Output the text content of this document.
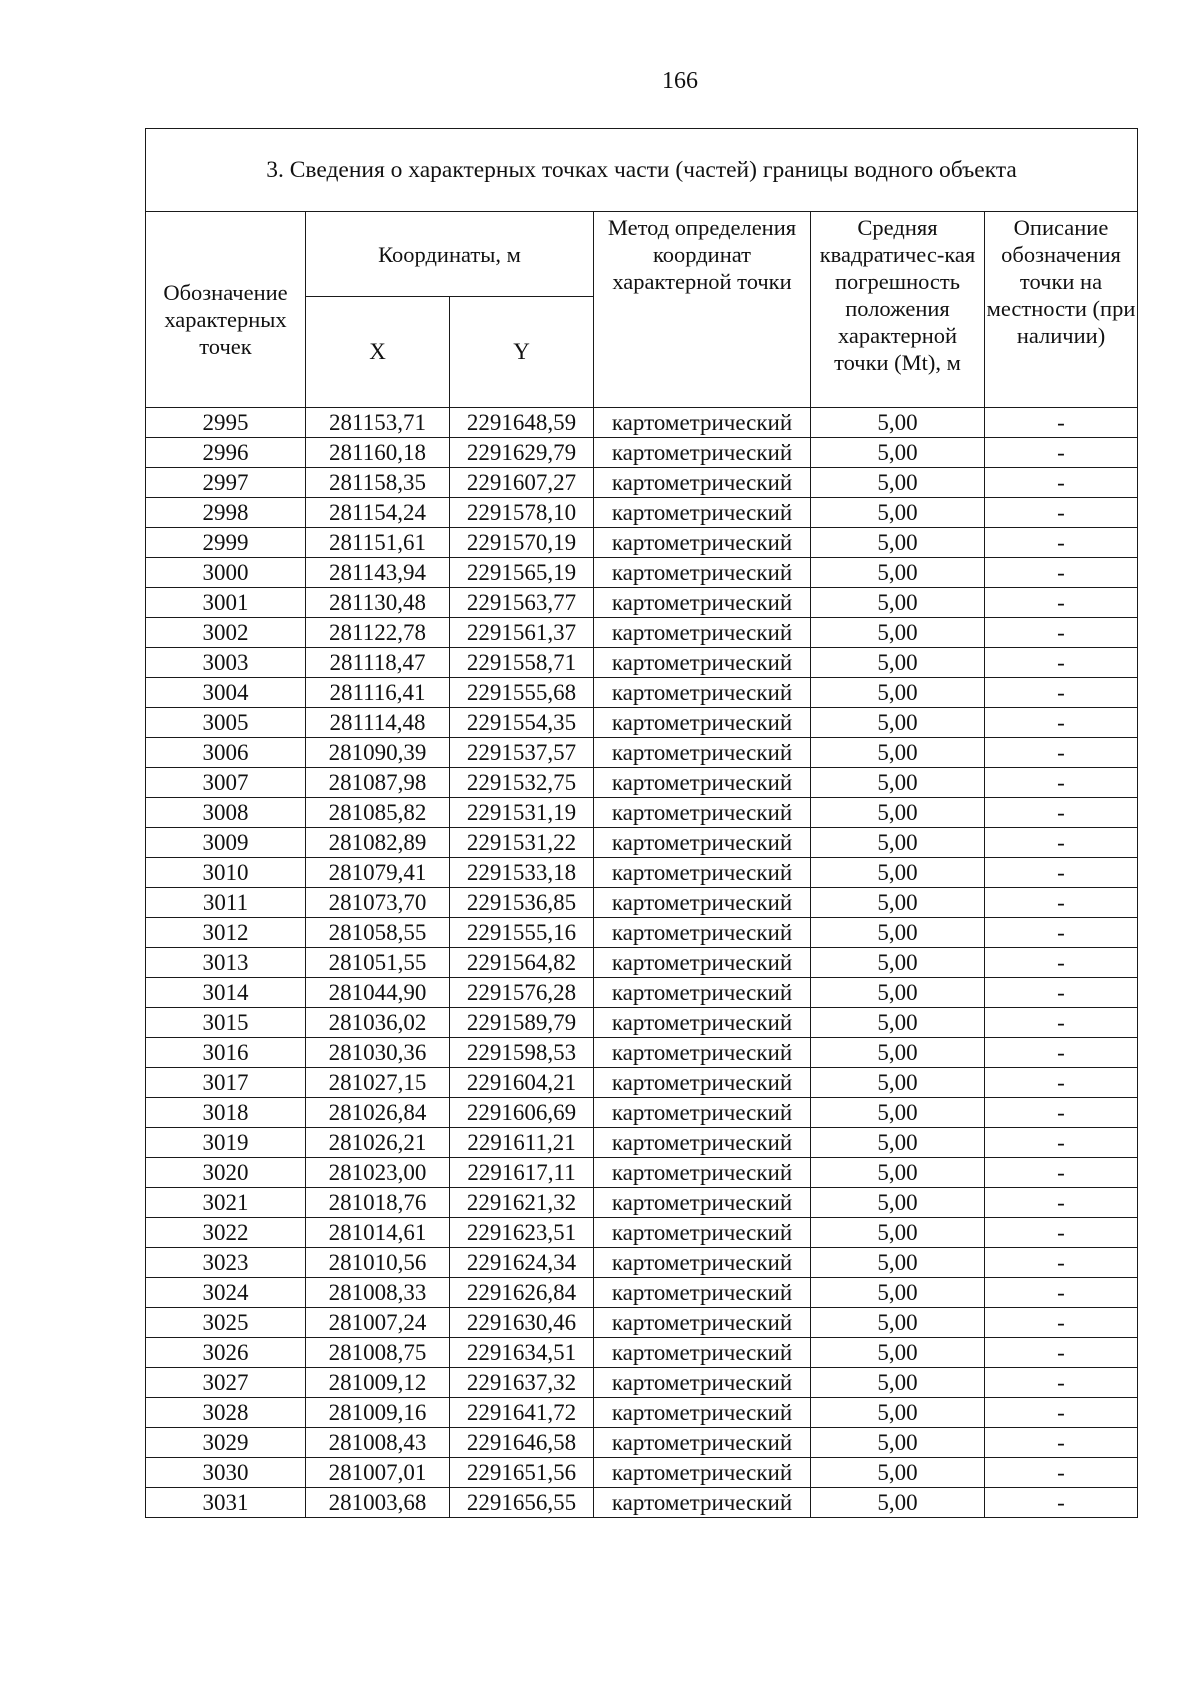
166
3. Сведения о характерных точках части (частей) границы водного объекта					
Обозначение характерных точек	Координаты, м		Метод определения координат характерной точки	Средняя квадратичес-кая погрешность положения характерной точки (Mt), м	Описание обозначения точки на местности (при наличии)
	X	Y			
2995	281153,71	2291648,59	картометрический	5,00	-
2996	281160,18	2291629,79	картометрический	5,00	-
2997	281158,35	2291607,27	картометрический	5,00	-
2998	281154,24	2291578,10	картометрический	5,00	-
2999	281151,61	2291570,19	картометрический	5,00	-
3000	281143,94	2291565,19	картометрический	5,00	-
3001	281130,48	2291563,77	картометрический	5,00	-
3002	281122,78	2291561,37	картометрический	5,00	-
3003	281118,47	2291558,71	картометрический	5,00	-
3004	281116,41	2291555,68	картометрический	5,00	-
3005	281114,48	2291554,35	картометрический	5,00	-
3006	281090,39	2291537,57	картометрический	5,00	-
3007	281087,98	2291532,75	картометрический	5,00	-
3008	281085,82	2291531,19	картометрический	5,00	-
3009	281082,89	2291531,22	картометрический	5,00	-
3010	281079,41	2291533,18	картометрический	5,00	-
3011	281073,70	2291536,85	картометрический	5,00	-
3012	281058,55	2291555,16	картометрический	5,00	-
3013	281051,55	2291564,82	картометрический	5,00	-
3014	281044,90	2291576,28	картометрический	5,00	-
3015	281036,02	2291589,79	картометрический	5,00	-
3016	281030,36	2291598,53	картометрический	5,00	-
3017	281027,15	2291604,21	картометрический	5,00	-
3018	281026,84	2291606,69	картометрический	5,00	-
3019	281026,21	2291611,21	картометрический	5,00	-
3020	281023,00	2291617,11	картометрический	5,00	-
3021	281018,76	2291621,32	картометрический	5,00	-
3022	281014,61	2291623,51	картометрический	5,00	-
3023	281010,56	2291624,34	картометрический	5,00	-
3024	281008,33	2291626,84	картометрический	5,00	-
3025	281007,24	2291630,46	картометрический	5,00	-
3026	281008,75	2291634,51	картометрический	5,00	-
3027	281009,12	2291637,32	картометрический	5,00	-
3028	281009,16	2291641,72	картометрический	5,00	-
3029	281008,43	2291646,58	картометрический	5,00	-
3030	281007,01	2291651,56	картометрический	5,00	-
3031	281003,68	2291656,55	картометрический	5,00	-
